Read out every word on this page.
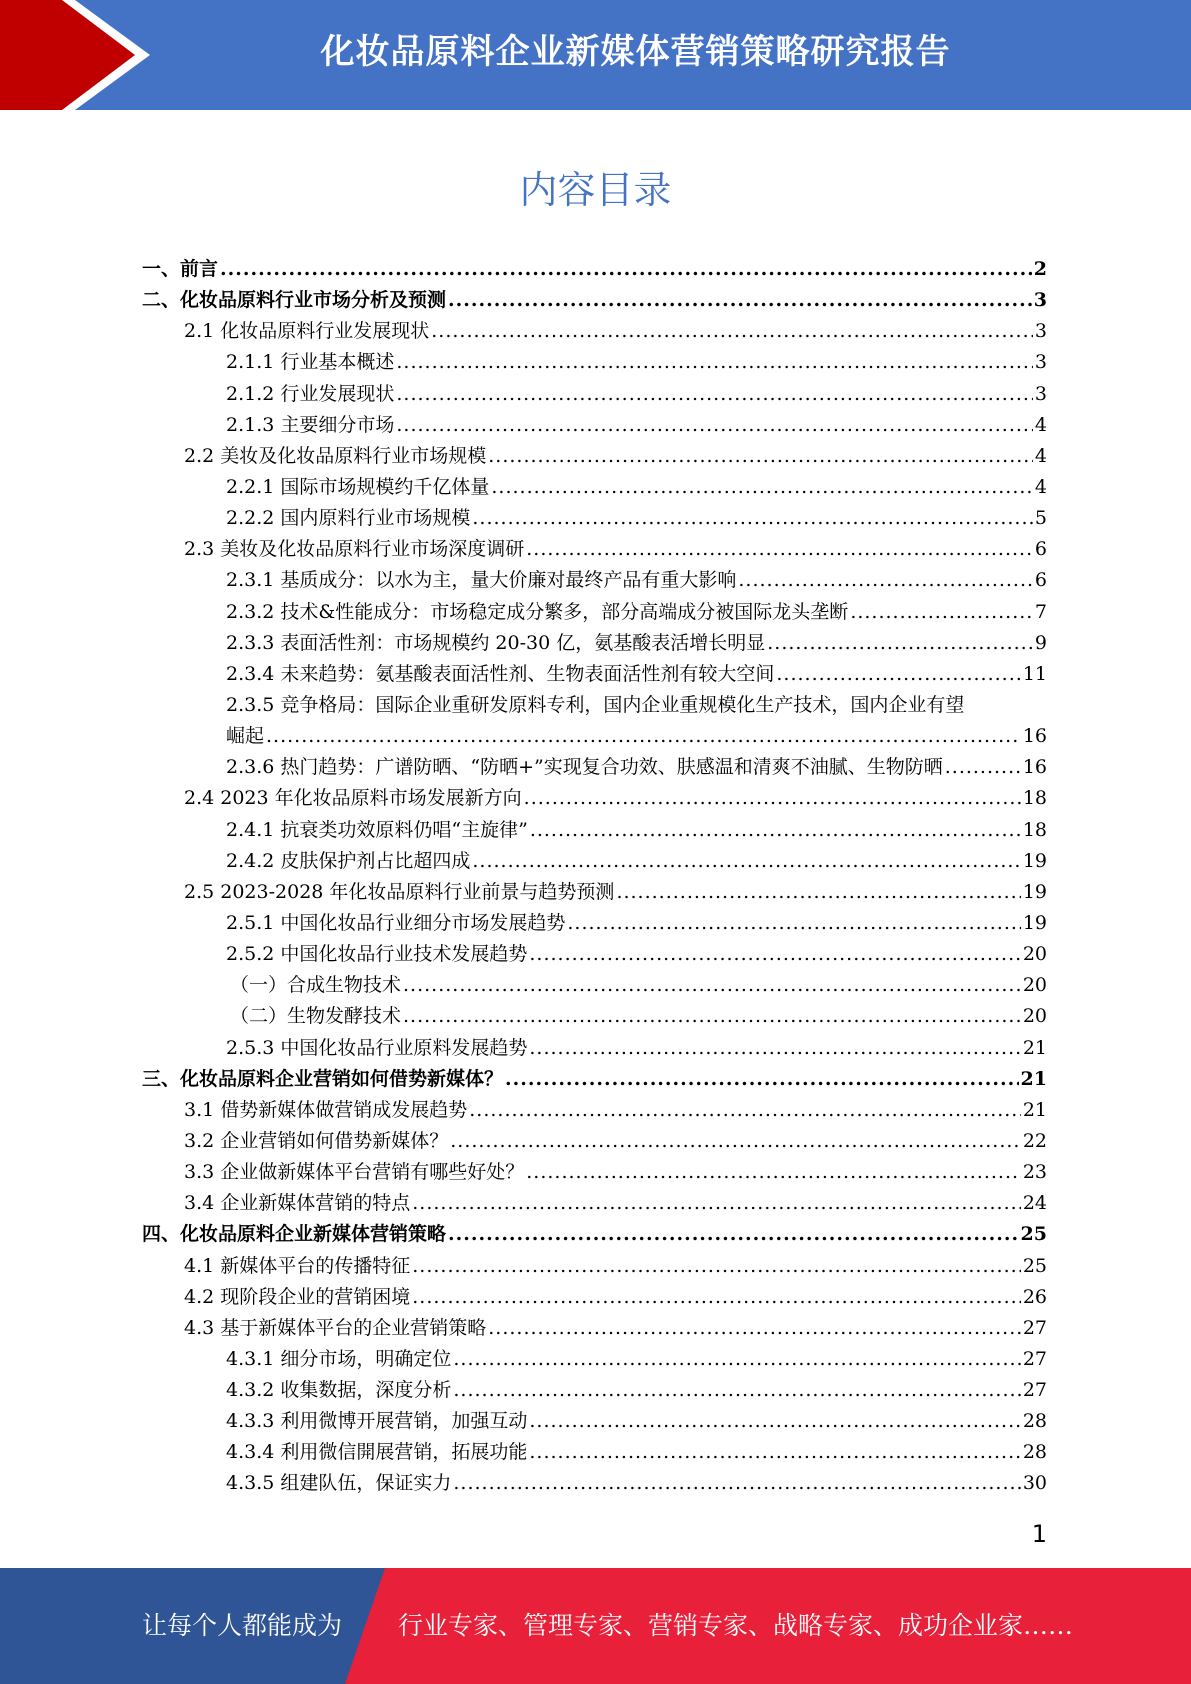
化妆品原料企业新媒体营销策略研究报告
内容目录
一、前言 .....	2
二、化妆品原料行业市场分析及预测 .....	3
2.1 化妆品原料行业发展现状 .....	3
2.1.1 行业基本概述 .....	3
2.1.2 行业发展现状 .....	3
2.1.3 主要细分市场 .....	4
2.2 美妆及化妆品原料行业市场规模 .....	4
2.2.1 国际市场规模约千亿体量 .....	4
2.2.2 国内原料行业市场规模 .....	5
2.3 美妆及化妆品原料行业市场深度调研 .....	6
2.3.1 基质成分：以水为主，量大价廉对最终产品有重大影响 .....	6
2.3.2 技术&性能成分：市场稳定成分繁多，部分高端成分被国际龙头垄断 .....	7
2.3.3 表面活性剂：市场规模约 20-30 亿，氨基酸表活增长明显 .....	9
2.3.4 未来趋势：氨基酸表面活性剂、生物表面活性剂有较大空间 .....	11
2.3.5 竞争格局：国际企业重研发原料专利，国内企业重规模化生产技术，国内企业有望
崛起 .....	16
2.3.6 热门趋势：广谱防晒、“防晒+”实现复合功效、肤感温和清爽不油腻、生物防晒 .....	16
2.4 2023 年化妆品原料市场发展新方向 .....	18
2.4.1 抗衰类功效原料仍唱“主旋律” .....	18
2.4.2 皮肤保护剂占比超四成 .....	19
2.5 2023-2028 年化妆品原料行业前景与趋势预测 .....	19
2.5.1 中国化妆品行业细分市场发展趋势 .....	19
2.5.2 中国化妆品行业技术发展趋势 .....	20
（一）合成生物技术 .....	20
（二）生物发酵技术 .....	20
2.5.3 中国化妆品行业原料发展趋势 .....	21
三、化妆品原料企业营销如何借势新媒体？ .....	21
3.1 借势新媒体做营销成发展趋势 .....	21
3.2 企业营销如何借势新媒体？ .....	22
3.3 企业做新媒体平台营销有哪些好处？ .....	23
3.4 企业新媒体营销的特点 .....	24
四、化妆品原料企业新媒体营销策略 .....	25
4.1 新媒体平台的传播特征 .....	25
4.2 现阶段企业的营销困境 .....	26
4.3 基于新媒体平台的企业营销策略 .....	27
4.3.1 细分市场，明确定位 .....	27
4.3.2 收集数据，深度分析 .....	27
4.3.3 利用微博开展营销，加强互动 .....	28
4.3.4 利用微信開展营销，拓展功能 .....	28
4.3.5 组建队伍，保证实力 .....	30
1
让每个人都能成为 行业专家、管理专家、营销专家、战略专家、成功企业家……
